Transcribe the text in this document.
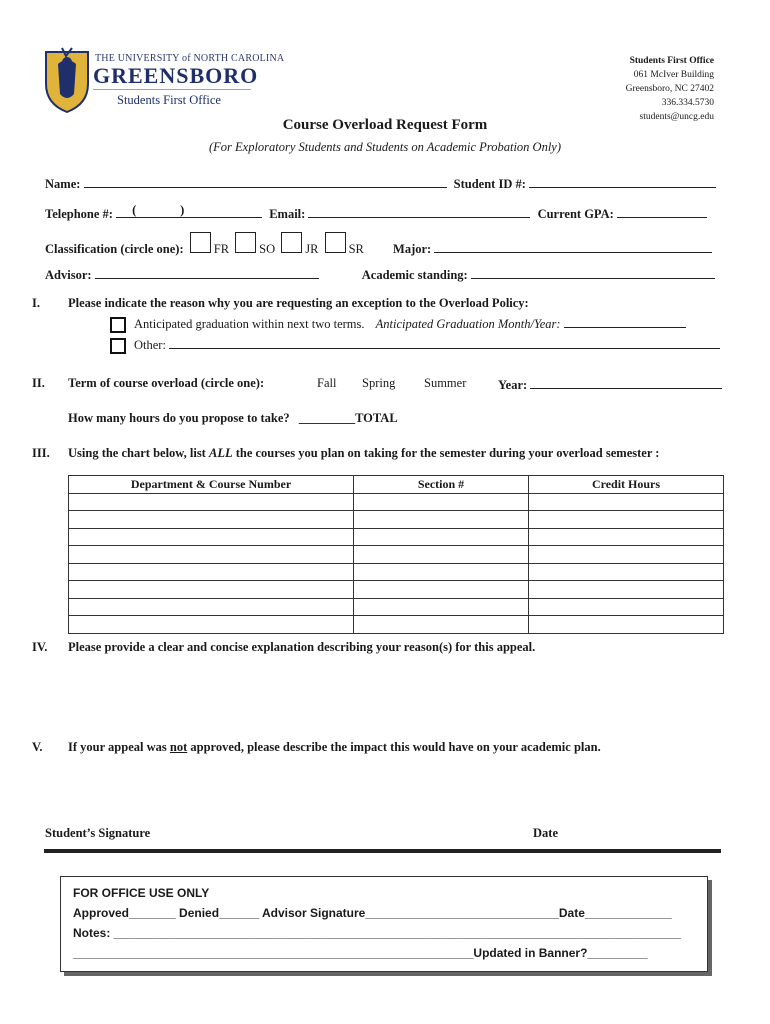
THE UNIVERSITY of NORTH CAROLINA
GREENSBORO
Students First Office
Students First Office
061 McIver Building
Greensboro, NC 27402
336.334.5730
students@uncg.edu
Course Overload Request Form
(For Exploratory Students and Students on Academic Probation Only)
Name:	Student ID #:
Telephone #: (	)	Email:	Current GPA:
Classification (circle one): FR SO JR SR Major:
Advisor:	Academic standing:
I. Please indicate the reason why you are requesting an exception to the Overload Policy:
Anticipated graduation within next two terms. Anticipated Graduation Month/Year:
Other:
II. Term of course overload (circle one):	Fall Spring Summer	Year:
How many hours do you propose to take? _________TOTAL
III. Using the chart below, list ALL the courses you plan on taking for the semester during your overload semester :
Department & Course Number	Section #	Credit Hours

IV. Please provide a clear and concise explanation describing your reason(s) for this appeal.
V. If your appeal was not approved, please describe the impact this would have on your academic plan.
Student’s Signature	Date
FOR OFFICE USE ONLY
Approved_______ Denied______ Advisor Signature_____________________________Date_____________
Notes: _____________________________________________________________________________________
____________________________________________________________Updated in Banner?_________
